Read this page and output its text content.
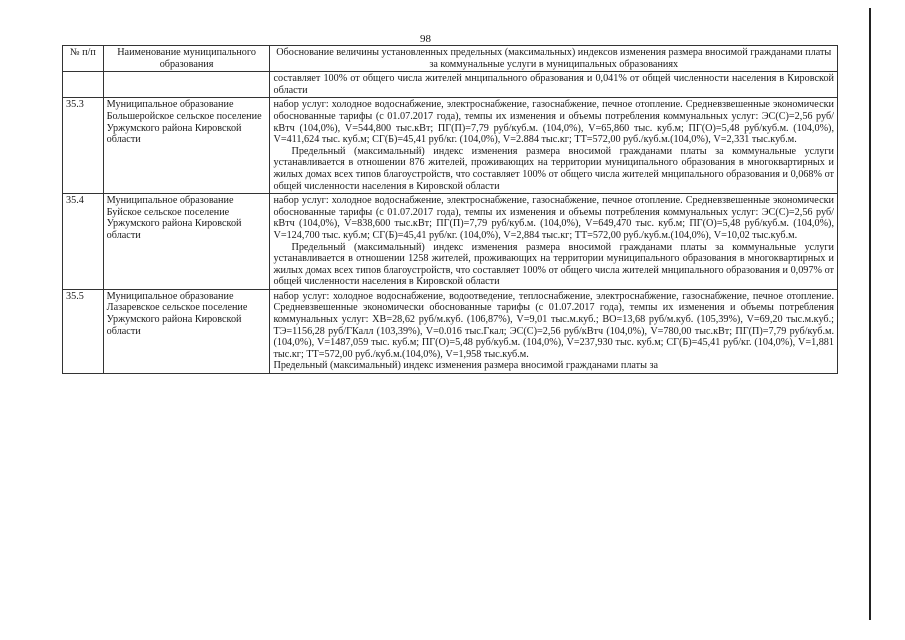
98
№ п/п	Наименование муниципального образования	Обоснование величины установленных предельных (максимальных) индексов изменения размера вносимой гражданами платы за коммунальные услуги в муниципальных образованиях

		составляет 100% от общего числа жителей мнципального образования и 0,041% от общей численности населения в Кировской области

35.3	Муниципальное образование Большеройское сельское поселение Уржумского района Кировской области	набор услуг: холодное водоснабжение, электроснабжение, газоснабжение, печное отопление. Средневзвешенные экономически обоснованные тарифы (с 01.07.2017 года), темпы их изменения и объемы потребления коммунальных услуг: ЭС(С)=2,56 руб/кВтч (104,0%), V=544,800 тыс.кВт; ПГ(П)=7,79 руб/куб.м. (104,0%), V=65,860 тыс. куб.м; ПГ(О)=5,48 руб/куб.м. (104,0%), V=411,624 тыс. куб.м; СГ(Б)=45,41 руб/кг. (104,0%), V=2.884 тыс.кг; ТТ=572,00 руб./куб.м.(104,0%), V=2,331 тыс.куб.м.
Предельный (максимальный) индекс изменения размера вносимой гражданами платы за коммунальные услуги устанавливается в отношении 876 жителей, проживающих на территории муниципального образования в многоквартирных и жилых домах всех типов благоустройств, что составляет 100% от общего числа жителей мнципального образования и 0,068% от общей численности населения в Кировской области

35.4	Муниципальное образование Буйское сельское поселение Уржумского района Кировской области	набор услуг: холодное водоснабжение, электроснабжение, газоснабжение, печное отопление. Средневзвешенные экономически обоснованные тарифы (с 01.07.2017 года), темпы их изменения и объемы потребления коммунальных услуг: ЭС(С)=2,56 руб/кВтч (104,0%), V=838,600 тыс.кВт; ПГ(П)=7,79 руб/куб.м. (104,0%), V=649,470 тыс. куб.м; ПГ(О)=5,48 руб/куб.м. (104,0%), V=124,700 тыс. куб.м; СГ(Б)=45,41 руб/кг. (104,0%), V=2,884 тыс.кг; ТТ=572,00 руб./куб.м.(104,0%), V=10,02 тыс.куб.м.
Предельный (максимальный) индекс изменения размера вносимой гражданами платы за коммунальные услуги устанавливается в отношении 1258 жителей, проживающих на территории муниципального образования в многоквартирных и жилых домах всех типов благоустройств, что составляет 100% от общего числа жителей мнципального образования и 0,097% от общей численности населения в Кировской области

35.5	Муниципальное образование Лазаревское сельское поселение Уржумского района Кировской области	набор услуг: холодное водоснабжение, водоотведение, теплоснабжение, электроснабжение, газоснабжение, печное отопление. Средневзвешенные экономически обоснованные тарифы (с 01.07.2017 года), темпы их изменения и объемы потребления коммунальных услуг: ХВ=28,62 руб/м.куб. (106,87%), V=9,01 тыс.м.куб.; ВО=13,68 руб/м.куб. (105,39%), V=69,20 тыс.м.куб.; ТЭ=1156,28 руб/ГКалл (103,39%), V=0.016 тыс.Гкал; ЭС(С)=2,56 руб/кВтч (104,0%), V=780,00 тыс.кВт; ПГ(П)=7,79 руб/куб.м. (104,0%), V=1487,059 тыс. куб.м; ПГ(О)=5,48 руб/куб.м. (104,0%), V=237,930 тыс. куб.м; СГ(Б)=45,41 руб/кг. (104,0%), V=1,881 тыс.кг; ТТ=572,00 руб./куб.м.(104,0%), V=1,958 тыс.куб.м.
Предельный (максимальный) индекс изменения размера вносимой гражданами платы за
